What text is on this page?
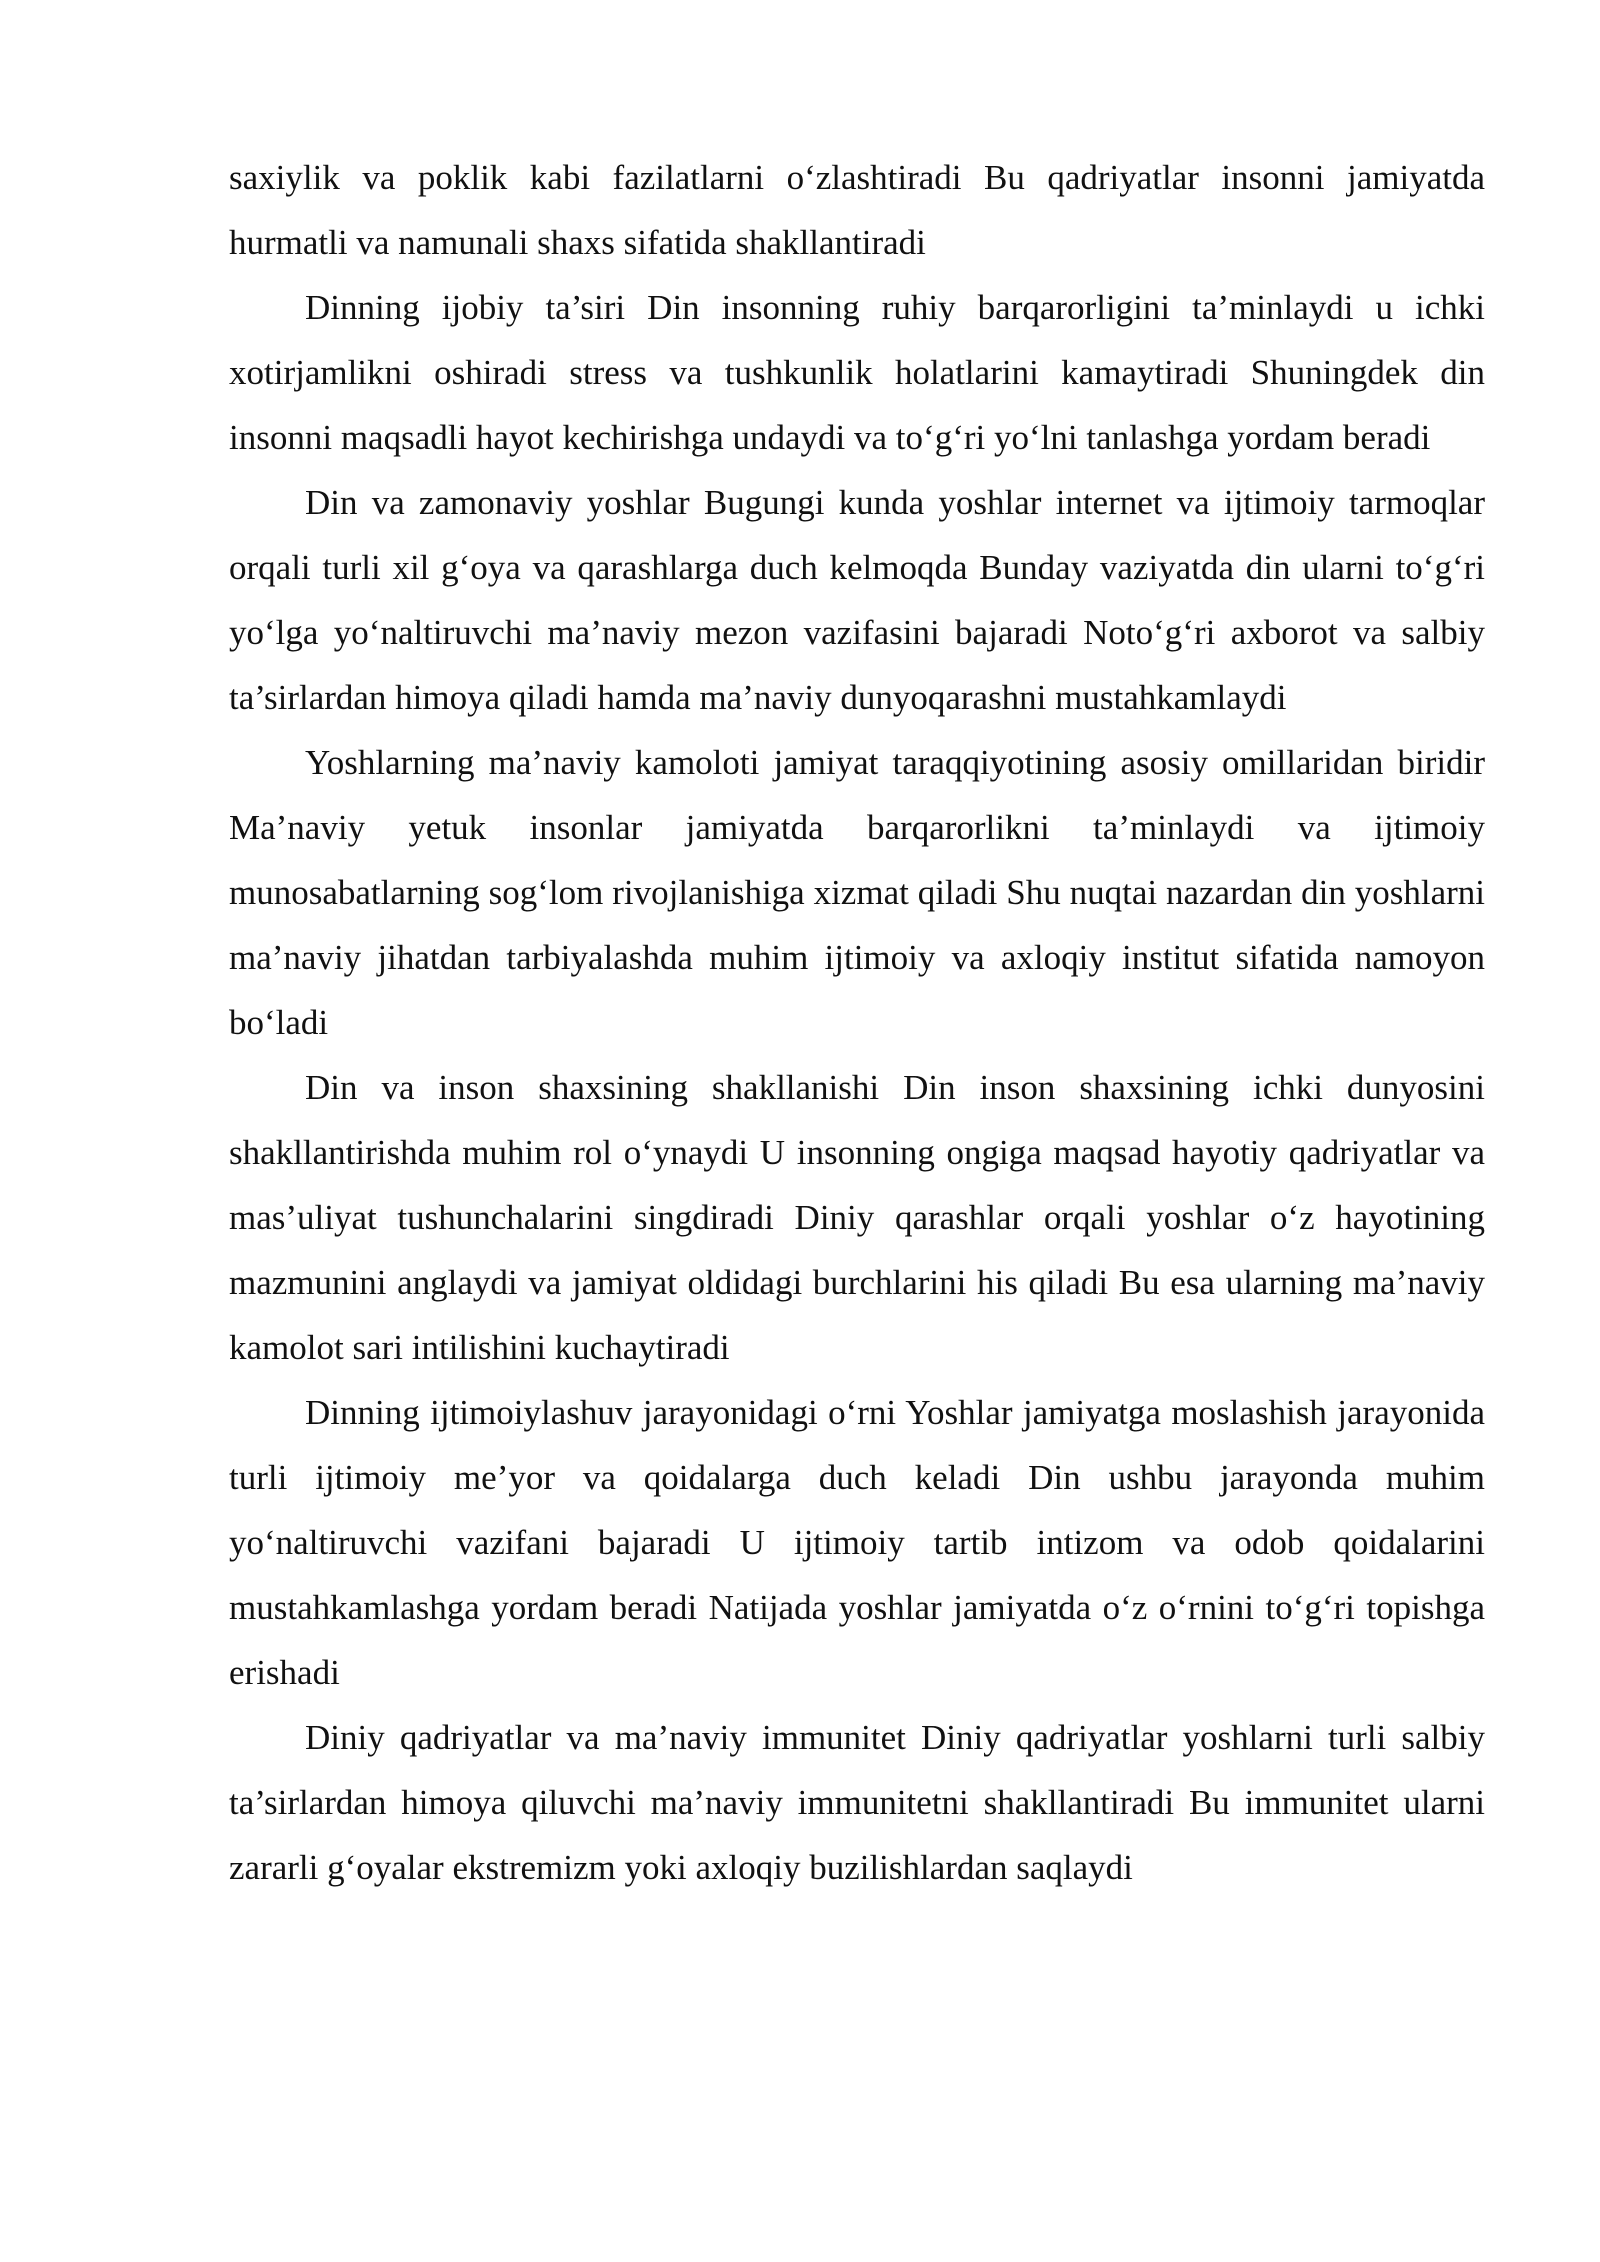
saxiylik va poklik kabi fazilatlarni o‘zlashtiradi Bu qadriyatlar insonni jamiyatda hurmatli va namunali shaxs sifatida shakllantiradi

Dinning ijobiy ta’siri Din insonning ruhiy barqarorligini ta’minlaydi u ichki xotirjamlikni oshiradi stress va tushkunlik holatlarini kamaytiradi Shuningdek din insonni maqsadli hayot kechirishga undaydi va to‘g‘ri yo‘lni tanlashga yordam beradi

Din va zamonaviy yoshlar Bugungi kunda yoshlar internet va ijtimoiy tarmoqlar orqali turli xil g‘oya va qarashlarga duch kelmoqda Bunday vaziyatda din ularni to‘g‘ri yo‘lga yo‘naltiruvchi ma’naviy mezon vazifasini bajaradi Noto‘g‘ri axborot va salbiy ta’sirlardan himoya qiladi hamda ma’naviy dunyoqarashni mustahkamlaydi

Yoshlarning ma’naviy kamoloti jamiyat taraqqiyotining asosiy omillaridan biridir Ma’naviy yetuk insonlar jamiyatda barqarorlikni ta’minlaydi va ijtimoiy munosabatlarning sog‘lom rivojlanishiga xizmat qiladi Shu nuqtai nazardan din yoshlarni ma’naviy jihatdan tarbiyalashda muhim ijtimoiy va axloqiy institut sifatida namoyon bo‘ladi

Din va inson shaxsining shakllanishi Din inson shaxsining ichki dunyosini shakllantirishda muhim rol o‘ynaydi U insonning ongiga maqsad hayotiy qadriyatlar va mas’uliyat tushunchalarini singdiradi Diniy qarashlar orqali yoshlar o‘z hayotining mazmunini anglaydi va jamiyat oldidagi burchlarini his qiladi Bu esa ularning ma’naviy kamolot sari intilishini kuchaytiradi

Dinning ijtimoiylashuv jarayonidagi o‘rni Yoshlar jamiyatga moslashish jarayonida turli ijtimoiy me’yor va qoidalarga duch keladi Din ushbu jarayonda muhim yo‘naltiruvchi vazifani bajaradi U ijtimoiy tartib intizom va odob qoidalarini mustahkamlashga yordam beradi Natijada yoshlar jamiyatda o‘z o‘rnini to‘g‘ri topishga erishadi

Diniy qadriyatlar va ma’naviy immunitet Diniy qadriyatlar yoshlarni turli salbiy ta’sirlardan himoya qiluvchi ma’naviy immunitetni shakllantiradi Bu immunitet ularni zararli g‘oyalar ekstremizm yoki axloqiy buzilishlardan saqlaydi
